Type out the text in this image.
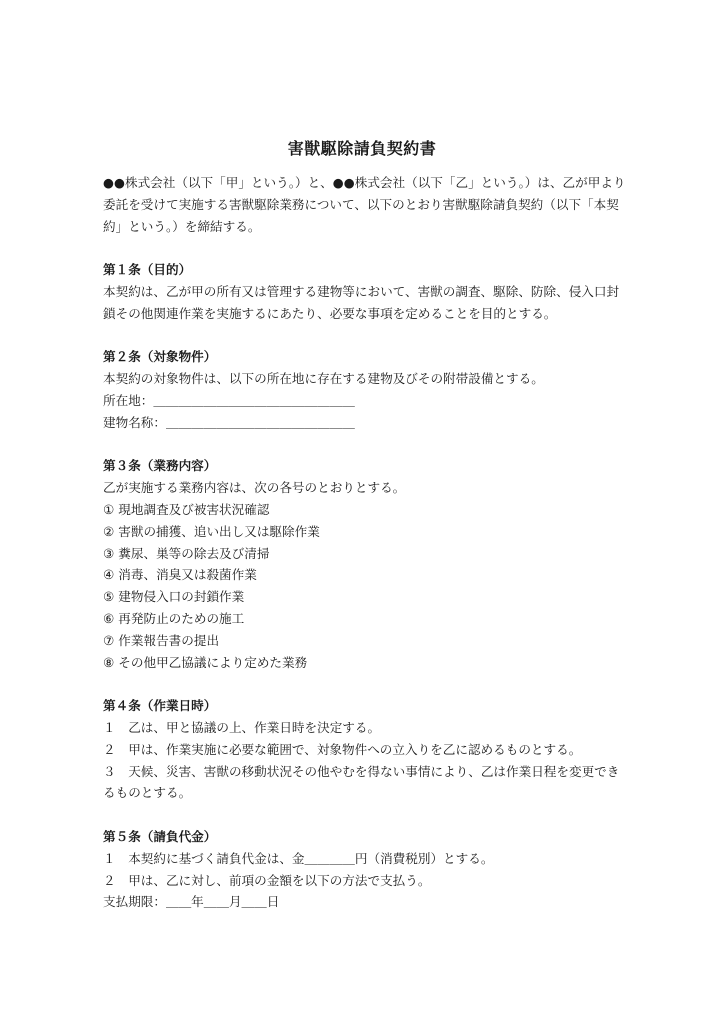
害獣駆除請負契約書

●●株式会社（以下「甲」という。）と、●●株式会社（以下「乙」という。）は、乙が甲より委託を受けて実施する害獣駆除業務について、以下のとおり害獣駆除請負契約（以下「本契約」という。）を締結する。

第１条（目的）

本契約は、乙が甲の所有又は管理する建物等において、害獣の調査、駆除、防除、侵入口封鎖その他関連作業を実施するにあたり、必要な事項を定めることを目的とする。

第２条（対象物件）

本契約の対象物件は、以下の所在地に存在する建物及びその附帯設備とする。

所在地：＿＿＿＿＿＿＿＿＿＿＿＿＿＿＿＿

建物名称：＿＿＿＿＿＿＿＿＿＿＿＿＿＿＿

第３条（業務内容）

乙が実施する業務内容は、次の各号のとおりとする。

① 現地調査及び被害状況確認

② 害獣の捕獲、追い出し又は駆除作業

③ 糞尿、巣等の除去及び清掃

④ 消毒、消臭又は殺菌作業

⑤ 建物侵入口の封鎖作業

⑥ 再発防止のための施工

⑦ 作業報告書の提出

⑧ その他甲乙協議により定めた業務

第４条（作業日時）

１　乙は、甲と協議の上、作業日時を決定する。

２　甲は、作業実施に必要な範囲で、対象物件への立入りを乙に認めるものとする。

３　天候、災害、害獣の移動状況その他やむを得ない事情により、乙は作業日程を変更できるものとする。

第５条（請負代金）

１　本契約に基づく請負代金は、金＿＿＿＿円（消費税別）とする。

２　甲は、乙に対し、前項の金額を以下の方法で支払う。

支払期限：＿＿年＿＿月＿＿日
